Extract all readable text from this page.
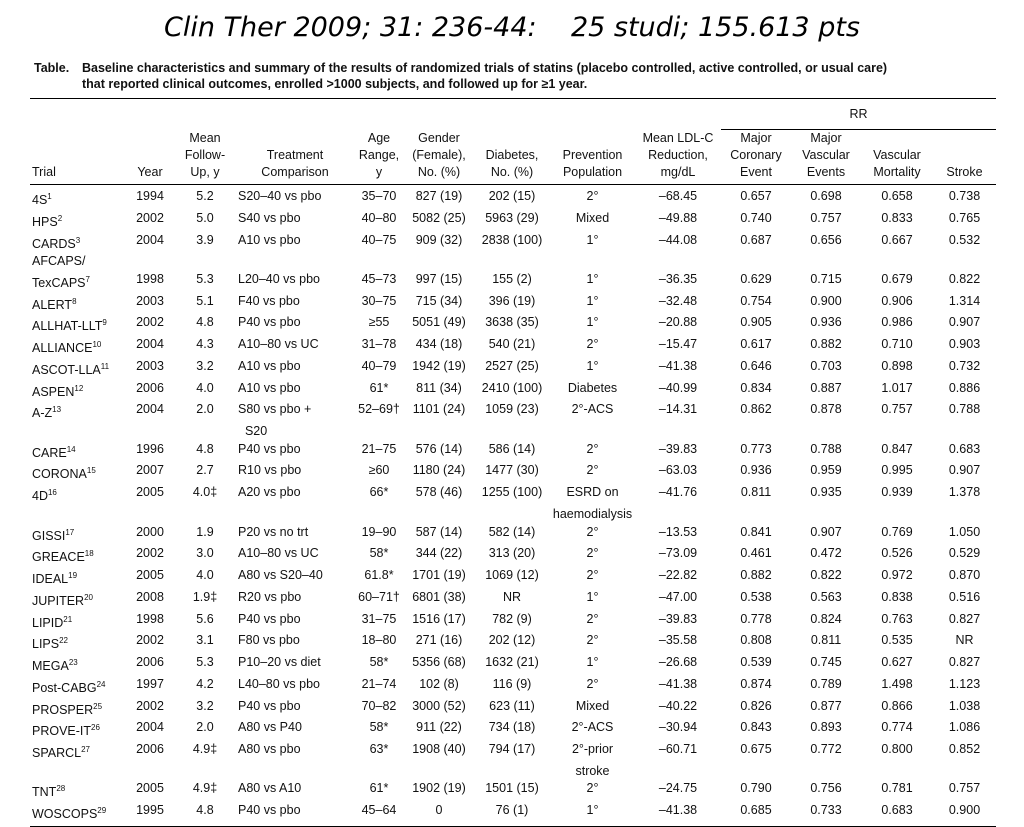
Clin Ther 2009; 31: 236-44:    25 studi; 155.613 pts
Table. Baseline characteristics and summary of the results of randomized trials of statins (placebo controlled, active controlled, or usual care)
that reported clinical outcomes, enrolled >1000 subjects, and followed up for ≥1 year.
								Mean LDL-C Reduction, mg/dL	RR			
Trial	Year	Mean Follow- Up, y	Treatment Comparison	Age Range, y	Gender (Female), No. (%)	Diabetes, No. (%)	Prevention Population		Major Coronary Event	Major Vascular Events	Vascular Mortality	Stroke
$4S^1$	1994	5.2	S20–40 vs pbo	35–70	827 (19)	202 (15)	2°	–68.45	0.657	0.698	0.658	0.738
HPS$^2$	2002	5.0	S40 vs pbo	40–80	5082 (25)	5963 (29)	Mixed	–49.88	0.740	0.757	0.833	0.765
CARDS$^3$	2004	3.9	A10 vs pbo	40–75	909 (32)	2838 (100)	1°	–44.08	0.687	0.656	0.667	0.532
AFCAPS/												
TexCAPS$^7$	1998	5.3	L20–40 vs pbo	45–73	997 (15)	155 (2)	1°	–36.35	0.629	0.715	0.679	0.822
ALERT$^8$	2003	5.1	F40 vs pbo	30–75	715 (34)	396 (19)	1°	–32.48	0.754	0.900	0.906	1.314
ALLHAT-LLT$^9$	2002	4.8	P40 vs pbo	≥55	5051 (49)	3638 (35)	1°	–20.88	0.905	0.936	0.986	0.907
ALLIANCE$^{10}$	2004	4.3	A10–80 vs UC	31–78	434 (18)	540 (21)	2°	–15.47	0.617	0.882	0.710	0.903
ASCOT-LLA$^{11}$	2003	3.2	A10 vs pbo	40–79	1942 (19)	2527 (25)	1°	–41.38	0.646	0.703	0.898	0.732
ASPEN$^{12}$	2006	4.0	A10 vs pbo	61*	811 (34)	2410 (100)	Diabetes	–40.99	0.834	0.887	1.017	0.886
$A-Z^{13}$	2004	2.0	S80 vs pbo +	52–69†	1101 (24)	1059 (23)	2°-ACS	–14.31	0.862	0.878	0.757	0.788
			S20									
CARE$^{14}$	1996	4.8	P40 vs pbo	21–75	576 (14)	586 (14)	2°	–39.83	0.773	0.788	0.847	0.683
CORONA$^{15}$	2007	2.7	R10 vs pbo	≥60	1180 (24)	1477 (30)	2°	–63.03	0.936	0.959	0.995	0.907
$4D^{16}$	2005	4.0‡	A20 vs pbo	66*	578 (46)	1255 (100)	ESRD on	–41.76	0.811	0.935	0.939	1.378
							haemodialysis					
GISSI$^{17}$	2000	1.9	P20 vs no trt	19–90	587 (14)	582 (14)	2°	–13.53	0.841	0.907	0.769	1.050
GREACE$^{18}$	2002	3.0	A10–80 vs UC	58*	344 (22)	313 (20)	2°	–73.09	0.461	0.472	0.526	0.529
IDEAL$^{19}$	2005	4.0	A80 vs S20–40	61.8*	1701 (19)	1069 (12)	2°	–22.82	0.882	0.822	0.972	0.870
JUPITER$^{20}$	2008	1.9‡	R20 vs pbo	60–71†	6801 (38)	NR	1°	–47.00	0.538	0.563	0.838	0.516
LIPID$^{21}$	1998	5.6	P40 vs pbo	31–75	1516 (17)	782 (9)	2°	–39.83	0.778	0.824	0.763	0.827
LIPS$^{22}$	2002	3.1	F80 vs pbo	18–80	271 (16)	202 (12)	2°	–35.58	0.808	0.811	0.535	NR
MEGA$^{23}$	2006	5.3	P10–20 vs diet	58*	5356 (68)	1632 (21)	1°	–26.68	0.539	0.745	0.627	0.827
Post-CABG$^{24}$	1997	4.2	L40–80 vs pbo	21–74	102 (8)	116 (9)	2°	–41.38	0.874	0.789	1.498	1.123
PROSPER$^{25}$	2002	3.2	P40 vs pbo	70–82	3000 (52)	623 (11)	Mixed	–40.22	0.826	0.877	0.866	1.038
PROVE-IT$^{26}$	2004	2.0	A80 vs P40	58*	911 (22)	734 (18)	2°-ACS	–30.94	0.843	0.893	0.774	1.086
SPARCL$^{27}$	2006	4.9‡	A80 vs pbo	63*	1908 (40)	794 (17)	2°-prior	–60.71	0.675	0.772	0.800	0.852
							stroke					
TNT$^{28}$	2005	4.9‡	A80 vs A10	61*	1902 (19)	1501 (15)	2°	–24.75	0.790	0.756	0.781	0.757
WOSCOPS$^{29}$	1995	4.8	P40 vs pbo	45–64	0	76 (1)	1°	–41.38	0.685	0.733	0.683	0.900
